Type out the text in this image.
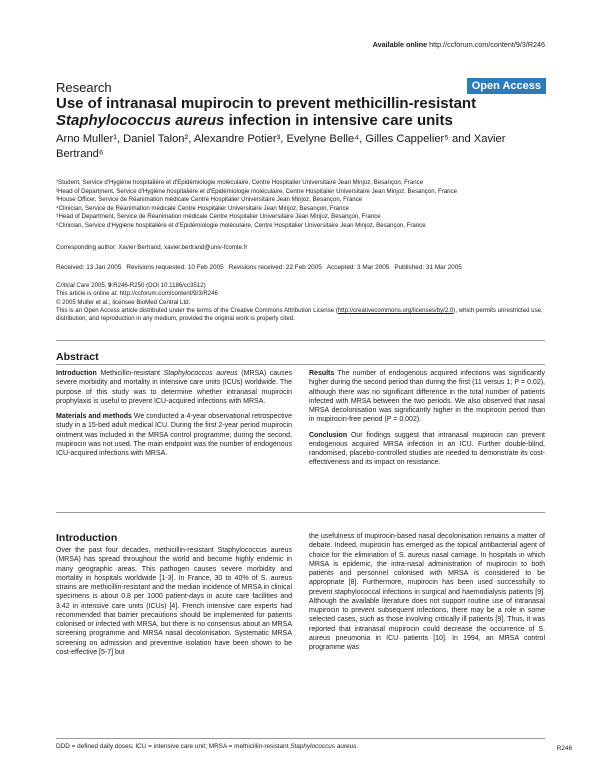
Available online http://ccforum.com/content/9/3/R246
Research	Open Access
Use of intranasal mupirocin to prevent methicillin-resistant
Staphylococcus aureus infection in intensive care units
Arno Muller¹, Daniel Talon², Alexandre Potier³, Evelyne Belle⁴, Gilles Cappelier⁵ and Xavier Bertrand⁶
¹Student, Service d'Hygiène hospitalière et d'Epidémiologie moléculaire, Centre Hospitalier Universitaire Jean Minjoz, Besançon, France
²Head of Department, Service d'Hygiène hospitalière et d'Epidémiologie moléculaire, Centre Hospitalier Universitaire Jean Minjoz, Besançon, France
³House Officer, Service de Réanimation médicale Centre Hospitalier Universitaire Jean Minjoz, Besançon, France
⁴Clinician, Service de Réanimation médicale Centre Hospitalier Universitaire Jean Minjoz, Besançon, France
⁵Head of Department, Service de Réanimation médicale Centre Hospitalier Universitaire Jean Minjoz, Besançon, France
⁶Clinician, Service d'Hygiène hospitalière et d'Epidémiologie moléculaire, Centre Hospitalier Universitaire Jean Minjoz, Besançon, France
Corresponding author: Xavier Bertrand, xavier.bertrand@univ-fcomte.fr
Received: 13 Jan 2005 Revisions requested: 10 Feb 2005 Revisions received: 22 Feb 2005 Accepted: 3 Mar 2005 Published: 31 Mar 2005
Critical Care 2005, 9:R246-R250 (DOI 10.1186/cc3512)
This article is online at: http://ccforum.com/content/9/3/R246
© 2005 Muller et al.; licensee BioMed Central Ltd.
This is an Open Access article distributed under the terms of the Creative Commons Attribution License (http://creativecommons.org/licenses/by/2.0), which permits unrestricted use, distribution, and reproduction in any medium, provided the original work is properly cited.
Abstract

Introduction Methicillin-resistant Staphylococcus aureus (MRSA) causes severe morbidity and mortality in intensive care units (ICUs) worldwide. The purpose of this study was to determine whether intranasal mupirocin prophylaxis is useful to prevent ICU-acquired infections with MRSA.

Materials and methods We conducted a 4-year observational retrospective study in a 15-bed adult medical ICU. During the first 2-year period mupirocin ointment was included in the MRSA control programme; during the second, mupirocin was not used. The main endpoint was the number of endogenous ICU-acquired infections with MRSA.

Results The number of endogenous acquired infections was significantly higher during the second period than during the first (11 versus 1; P = 0.02), although there was no significant difference in the total number of patients infected with MRSA between the two periods. We also observed that nasal MRSA decolonisation was significantly higher in the mupirocin period than in mupirocin-free period (P = 0.002).

Conclusion Our findings suggest that intranasal mupirocin can prevent endogenous acquired MRSA infection in an ICU. Further double-blind, randomised, placebo-controlled studies are needed to demonstrate its cost-effectiveness and its impact on resistance.

Introduction

Over the past four decades, methicillin-resistant Staphylococcus aureus (MRSA) has spread throughout the world and become highly endemic in many geographic areas. This pathogen causes severe morbidity and mortality in hospitals worldwide [1-3]. In France, 30 to 40% of S. aureus strains are methicillin-resistant and the median incidence of MRSA in clinical specimens is about 0.8 per 1000 patient-days in acute care facilities and 3.42 in intensive care units (ICUs) [4]. French intensive care experts had recommended that barrier precautions should be implemented for patients colonised or infected with MRSA, but there is no consensus about an MRSA screening programme and MRSA nasal decolonisation. Systematic MRSA screening on admission and preventive isolation have been shown to be cost-effective [5-7] but

the usefulness of mupirocin-based nasal decolonisation remains a matter of debate. Indeed, mupirocin has emerged as the topical antibacterial agent of choice for the elimination of S. aureus nasal carriage. In hospitals in which MRSA is epidemic, the intra-nasal administration of mupirocin to both patients and personnel colonised with MRSA is considered to be appropriate [8]. Furthermore, mupirocin has been used successfully to prevent staphylococcal infections in surgical and haemodialysis patients [9]. Although the available literature does not support routine use of intranasal mupirocin to prevent subsequent infections, there may be a role in some selected cases, such as those involving critically ill patients [9]. Thus, it was reported that intranasal mupirocin could decrease the occurrence of S. aureus pneumonia in ICU patients [10]. In 1994, an MRSA control programme was

DDD = defined daily doses; ICU = intensive care unit; MRSA = methicillin-resistant Staphylococcus aureus.	R246
